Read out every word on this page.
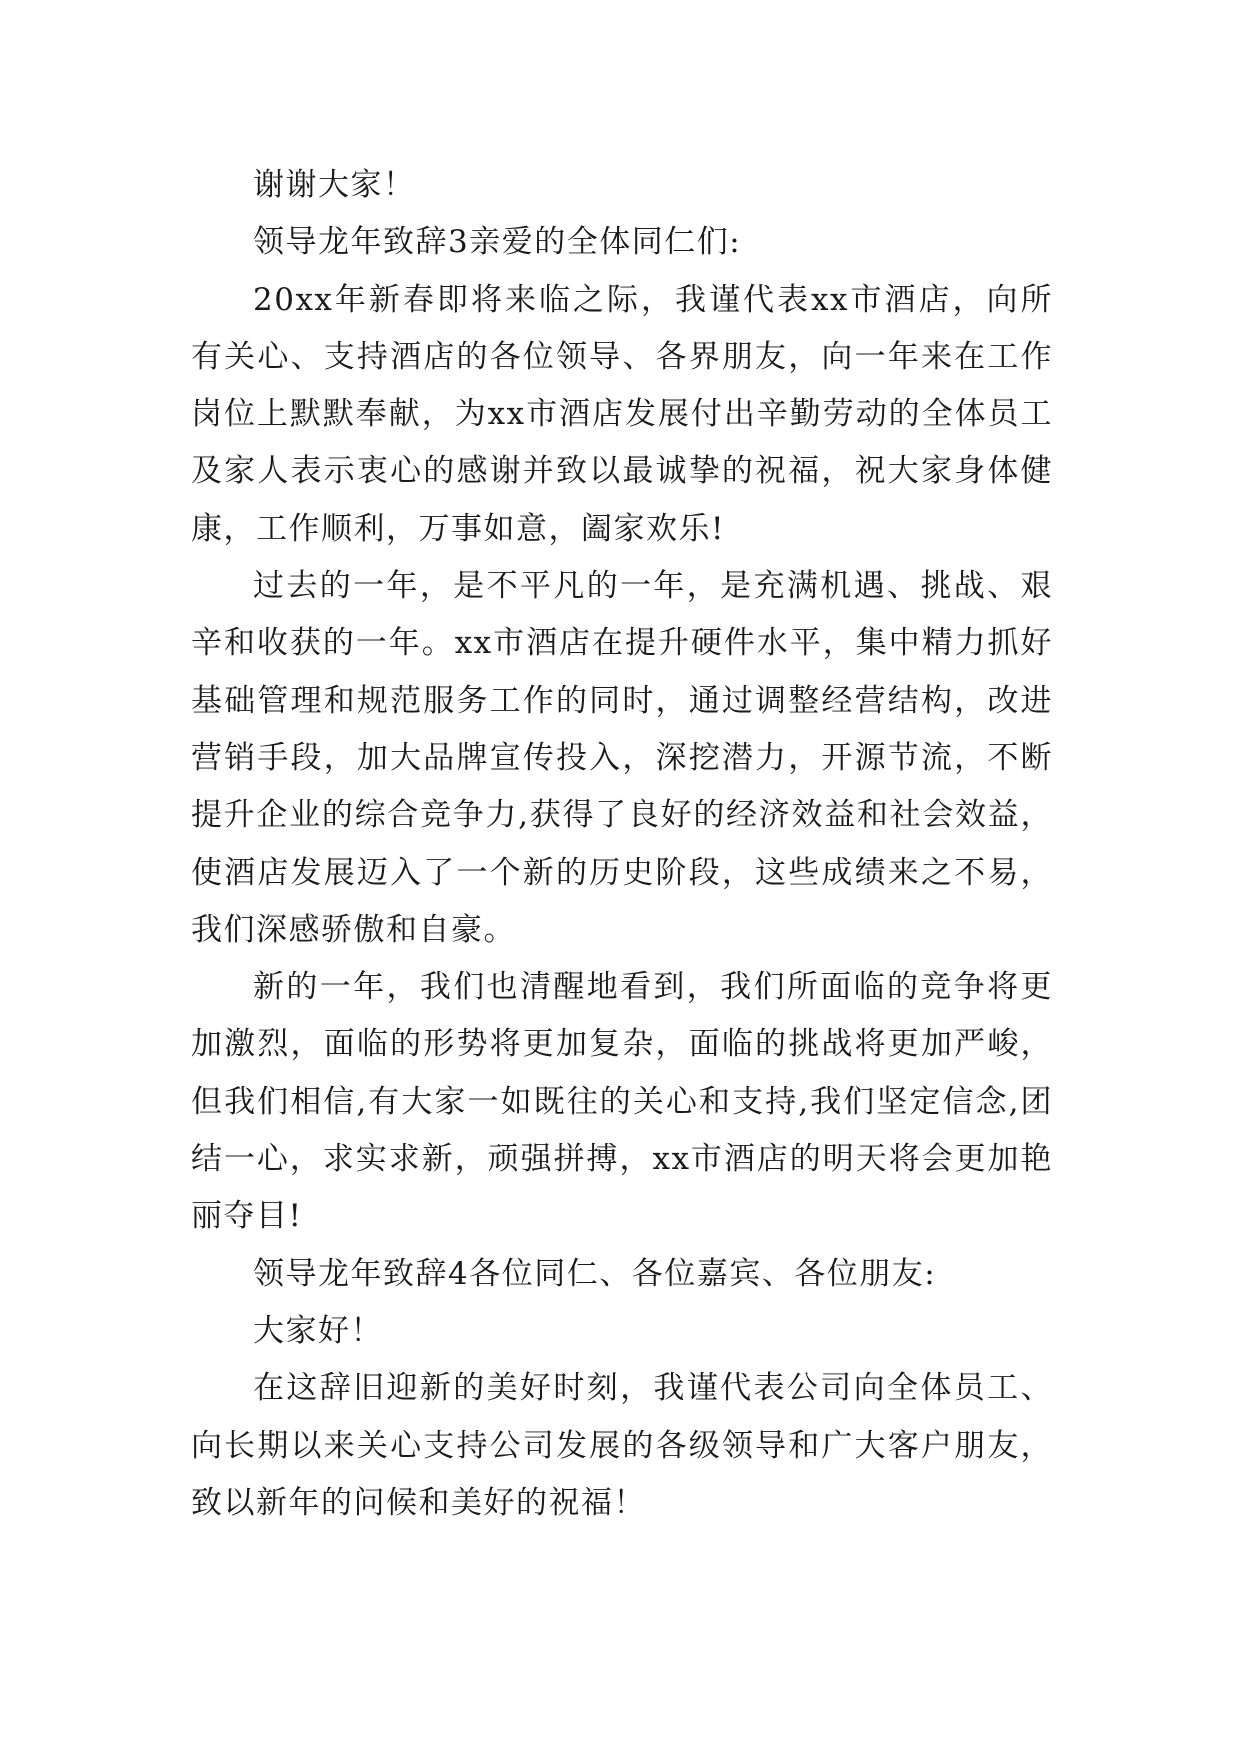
谢谢大家！

领导龙年致辞3亲爱的全体同仁们:

20xx年新春即将来临之际，我谨代表xx市酒店，向所有关心、支持酒店的各位领导、各界朋友，向一年来在工作岗位上默默奉献，为xx市酒店发展付出辛勤劳动的全体员工及家人表示衷心的感谢并致以最诚挚的祝福，祝大家身体健康，工作顺利，万事如意，阖家欢乐!

过去的一年，是不平凡的一年，是充满机遇、挑战、艰辛和收获的一年。xx市酒店在提升硬件水平，集中精力抓好基础管理和规范服务工作的同时，通过调整经营结构，改进营销手段，加大品牌宣传投入，深挖潜力，开源节流，不断提升企业的综合竞争力,获得了良好的经济效益和社会效益，使酒店发展迈入了一个新的历史阶段，这些成绩来之不易，我们深感骄傲和自豪。

新的一年，我们也清醒地看到，我们所面临的竞争将更加激烈，面临的形势将更加复杂，面临的挑战将更加严峻，但我们相信,有大家一如既往的关心和支持,我们坚定信念,团结一心，求实求新，顽强拼搏，xx市酒店的明天将会更加艳丽夺目!

领导龙年致辞4各位同仁、各位嘉宾、各位朋友:

大家好！

在这辞旧迎新的美好时刻，我谨代表公司向全体员工、向长期以来关心支持公司发展的各级领导和广大客户朋友，致以新年的问候和美好的祝福！
